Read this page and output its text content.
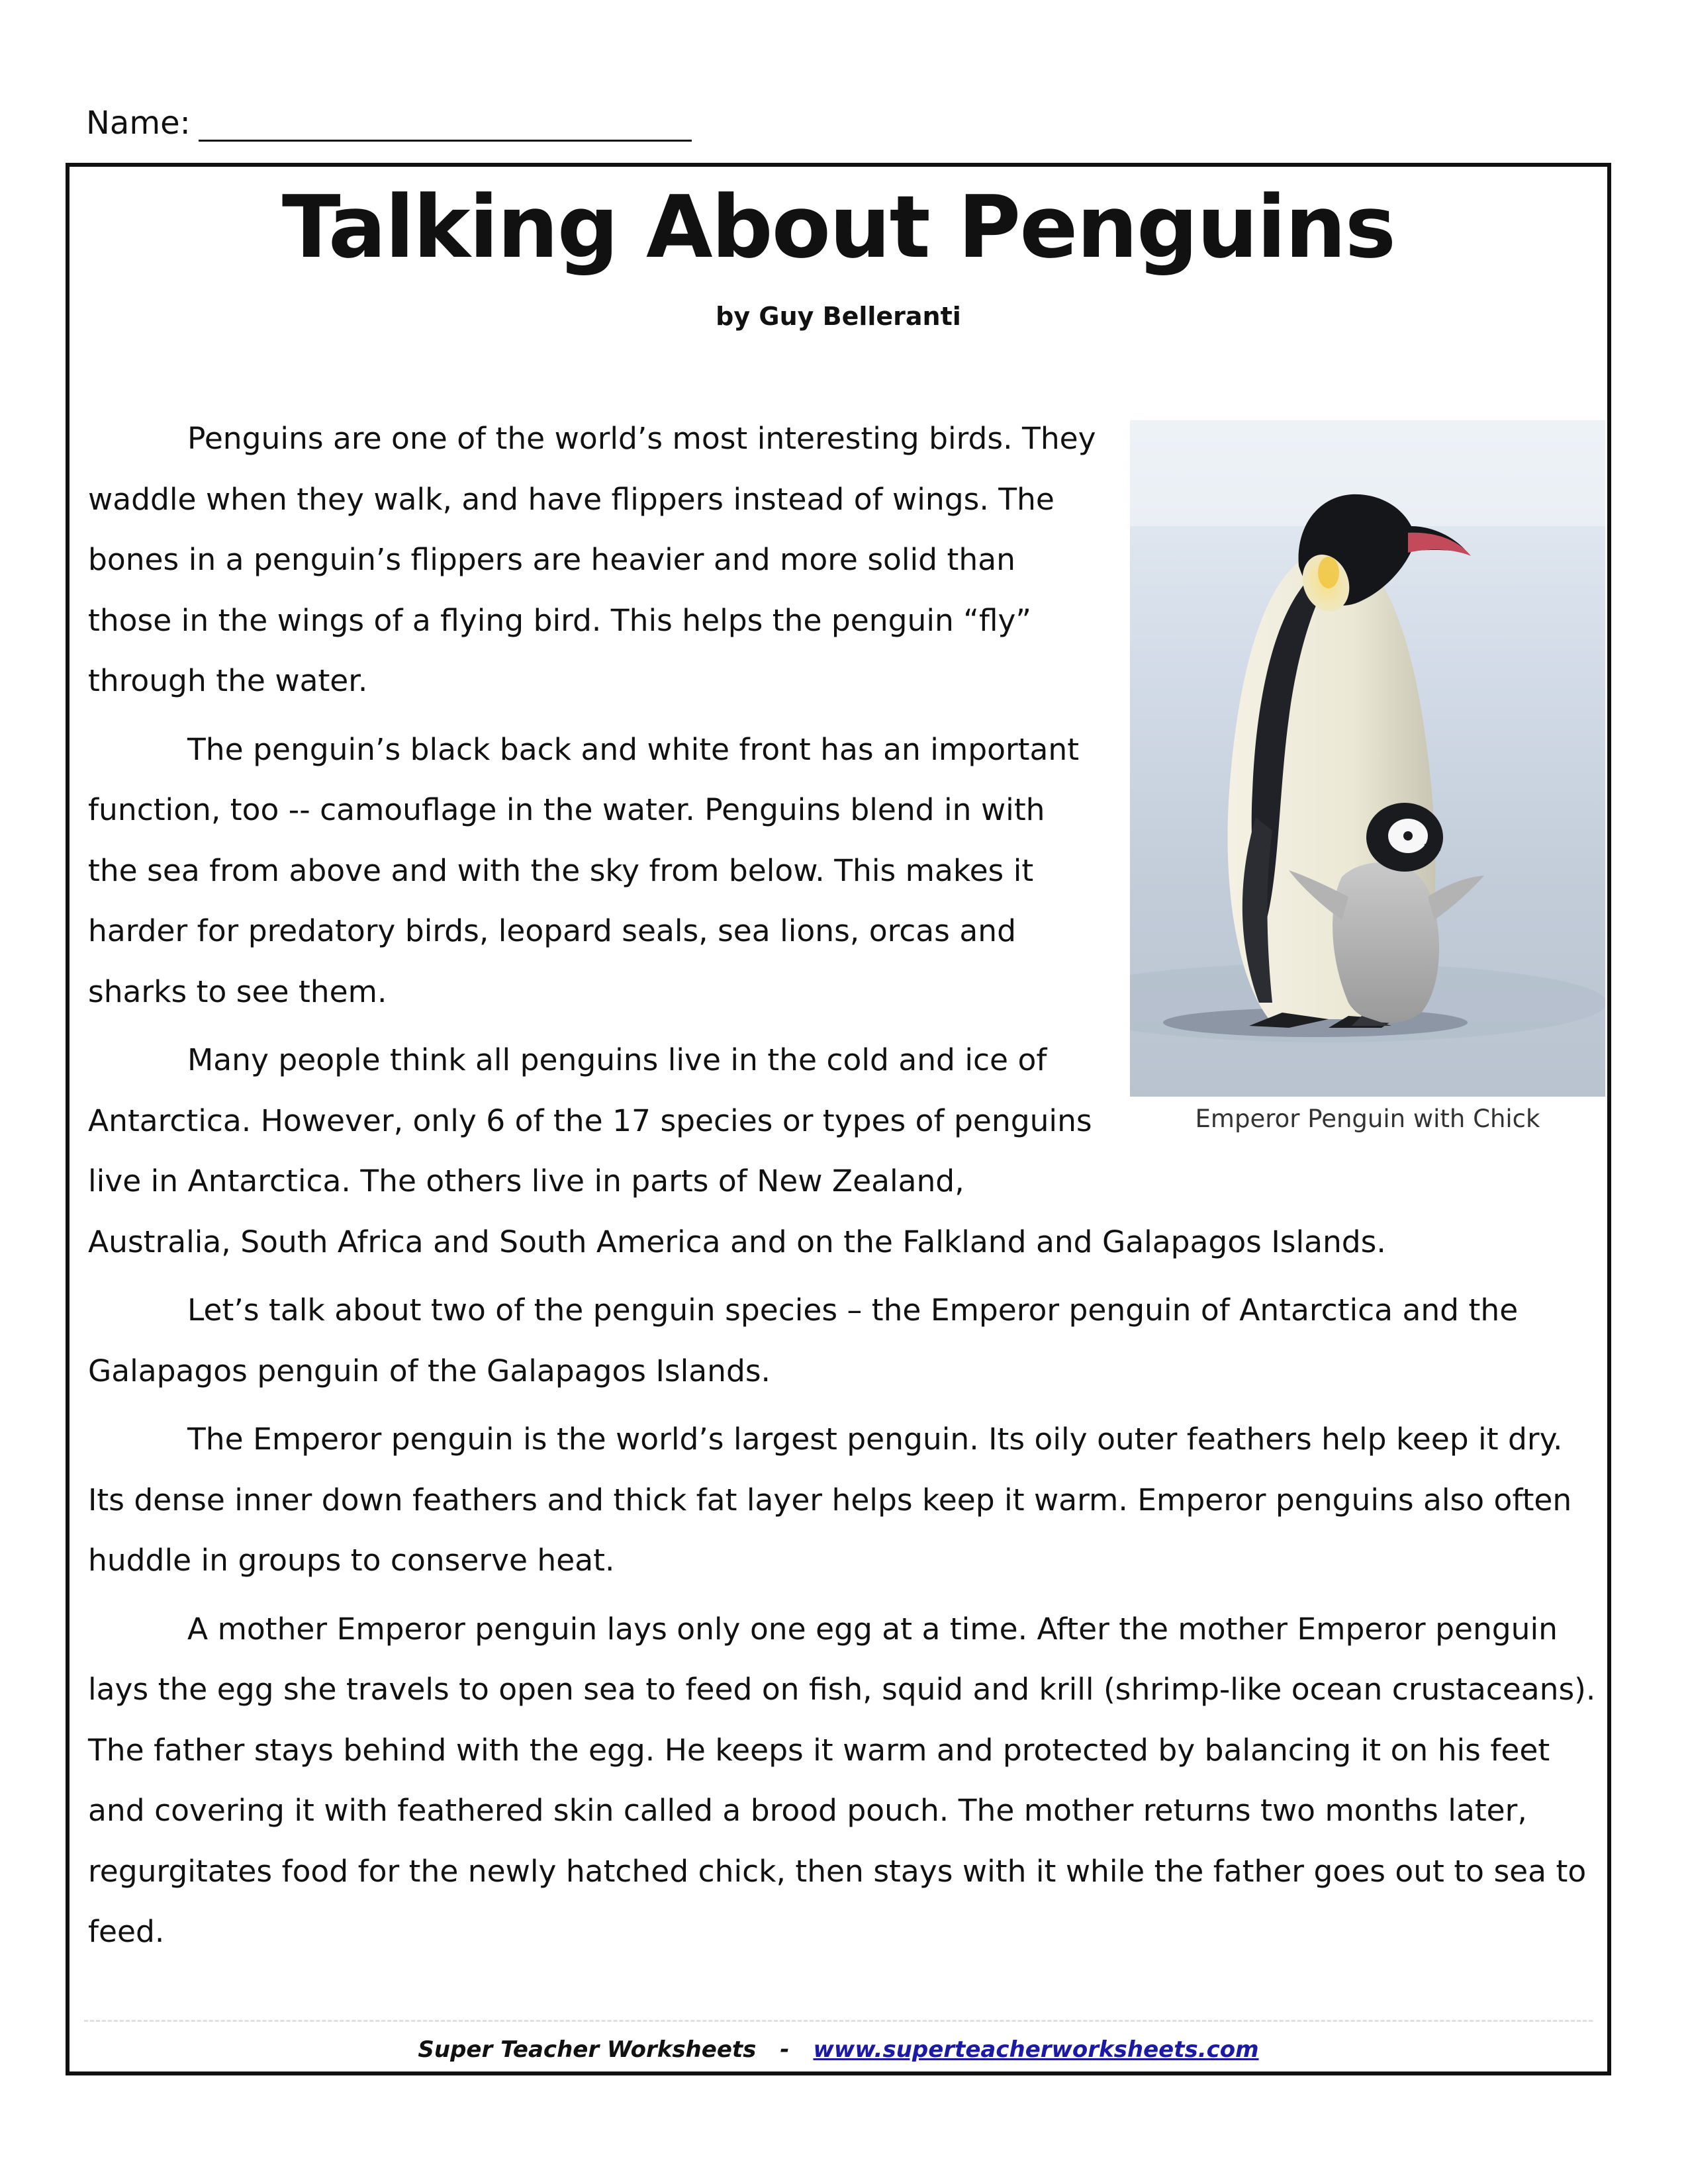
Name:
Talking About Penguins
by Guy Belleranti
Emperor Penguin with Chick

Penguins are one of the world’s most interesting birds. They waddle when they walk, and have flippers instead of wings. The bones in a penguin’s flippers are heavier and more solid than those in the wings of a flying bird. This helps the penguin “fly” through the water.

The penguin’s black back and white front has an important function, too -- camouflage in the water. Penguins blend in with the sea from above and with the sky from below. This makes it harder for predatory birds, leopard seals, sea lions, orcas and sharks to see them.

Many people think all penguins live in the cold and ice of Antarctica. However, only 6 of the 17 species or types of penguins live in Antarctica. The others live in parts of New Zealand, Australia, South Africa and South America and on the Falkland and Galapagos Islands.

Let’s talk about two of the penguin species – the Emperor penguin of Antarctica and the Galapagos penguin of the Galapagos Islands.

The Emperor penguin is the world’s largest penguin. Its oily outer feathers help keep it dry. Its dense inner down feathers and thick fat layer helps keep it warm. Emperor penguins also often huddle in groups to conserve heat.

A mother Emperor penguin lays only one egg at a time. After the mother Emperor penguin lays the egg she travels to open sea to feed on fish, squid and krill (shrimp-like ocean crustaceans). The father stays behind with the egg. He keeps it warm and protected by balancing it on his feet and covering it with feathered skin called a brood pouch. The mother returns two months later, regurgitates food for the newly hatched chick, then stays with it while the father goes out to sea to feed.

Super Teacher Worksheets - www.superteacherworksheets.com
